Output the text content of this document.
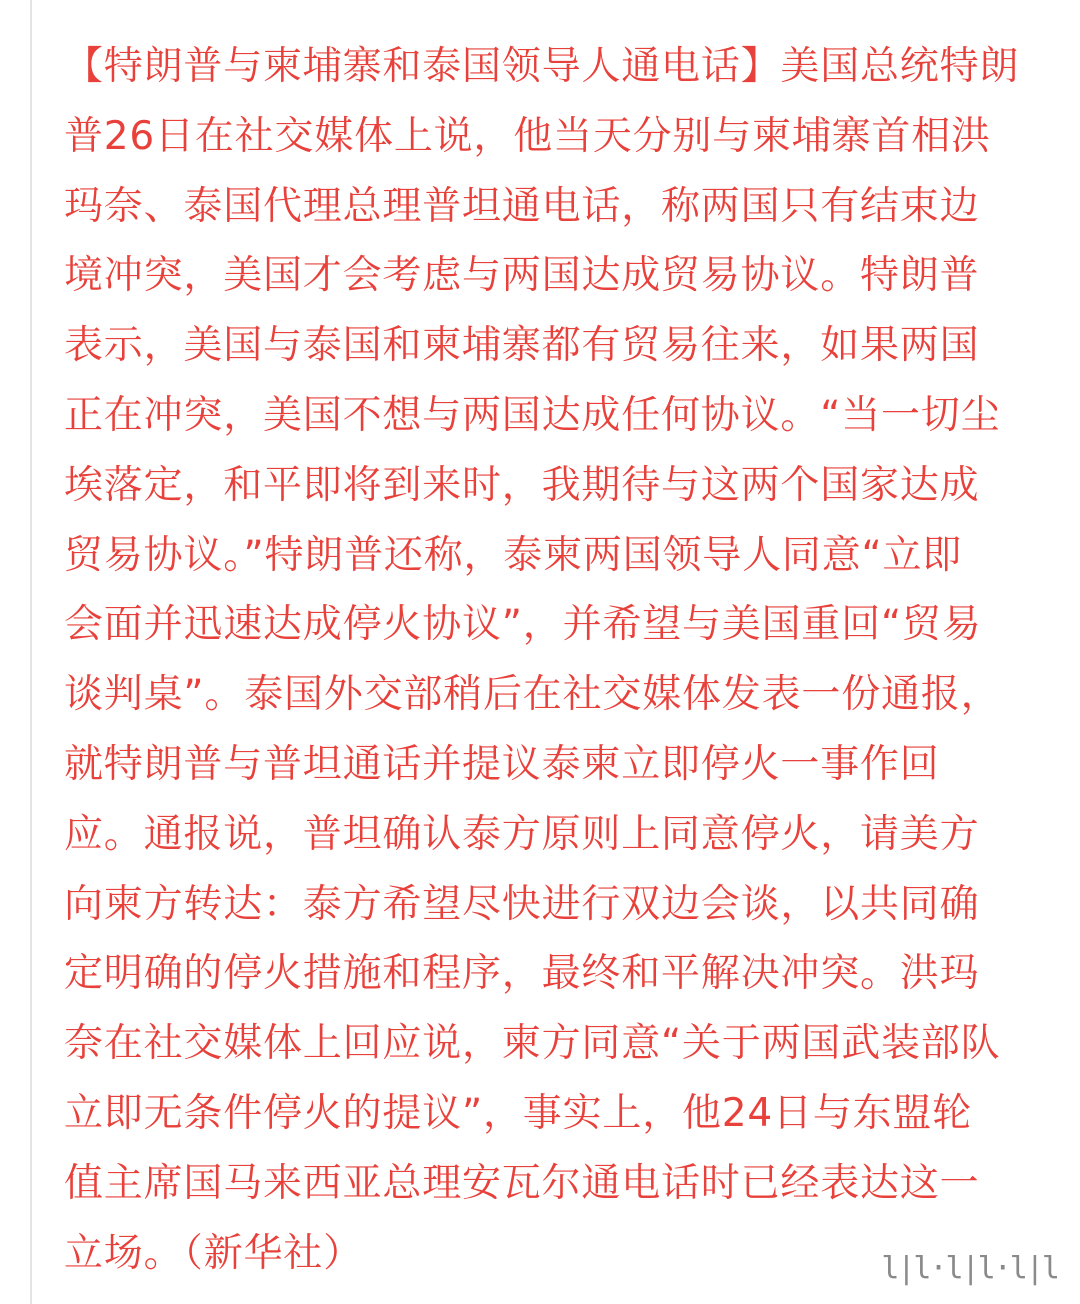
【特朗普与柬埔寨和泰国领导人通电话】美国总统特朗
普26日在社交媒体上说，他当天分别与柬埔寨首相洪
玛奈、泰国代理总理普坦通电话，称两国只有结束边
境冲突，美国才会考虑与两国达成贸易协议。特朗普
表示，美国与泰国和柬埔寨都有贸易往来，如果两国
正在冲突，美国不想与两国达成任何协议。“当一切尘
埃落定，和平即将到来时，我期待与这两个国家达成
贸易协议。”特朗普还称，泰柬两国领导人同意“立即
会面并迅速达成停火协议”，并希望与美国重回“贸易
谈判桌”。泰国外交部稍后在社交媒体发表一份通报，
就特朗普与普坦通话并提议泰柬立即停火一事作回
应。通报说，普坦确认泰方原则上同意停火，请美方
向柬方转达：泰方希望尽快进行双边会谈，以共同确
定明确的停火措施和程序，最终和平解决冲突。洪玛
奈在社交媒体上回应说，柬方同意“关于两国武装部队
立即无条件停火的提议”，事实上，他24日与东盟轮
值主席国马来西亚总理安瓦尔通电话时已经表达这一
立场。（新华社）	l|l·l|l·l|l
